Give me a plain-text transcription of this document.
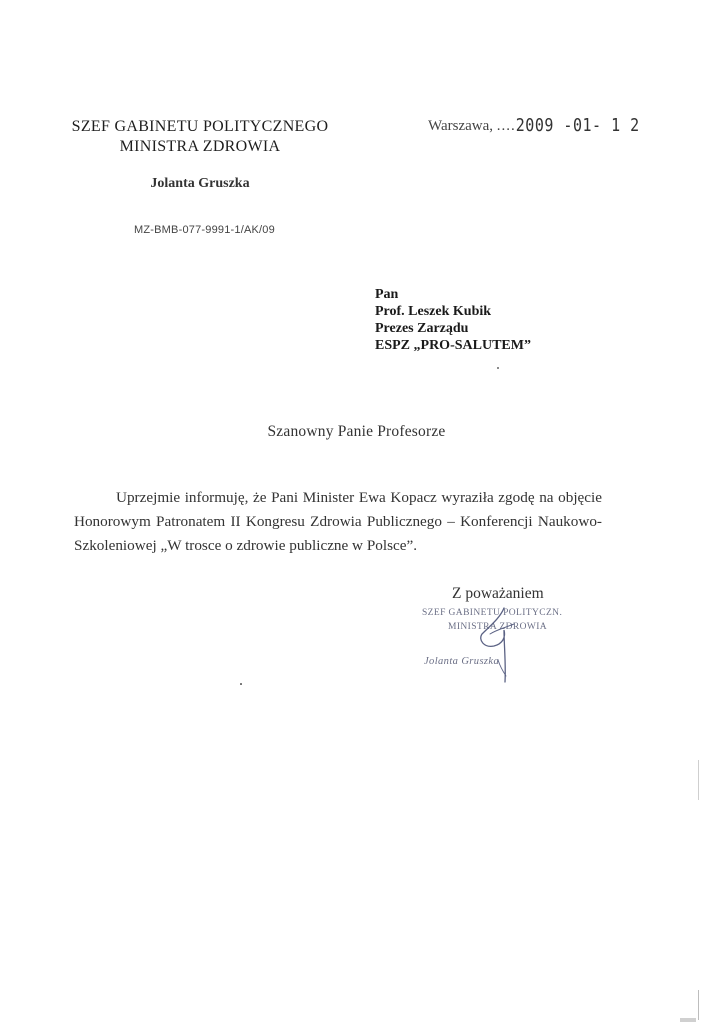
SZEF GABINETU POLITYCZNEGO
MINISTRA ZDROWIA
Jolanta Gruszka
MZ-BMB-077-9991-1/AK/09
Warszawa, ....2009 -01- 1 2
Pan
Prof. Leszek Kubik
Prezes Zarządu
ESPZ „PRO-SALUTEM”
Szanowny Panie Profesorze

Uprzejmie informuję, że Pani Minister Ewa Kopacz wyraziła zgodę na objęcie Honorowym Patronatem II Kongresu Zdrowia Publicznego – Konferencji Naukowo-Szkoleniowej „W trosce o zdrowie publiczne w Polsce”.

Z poważaniem
SZEF GABINETU POLITYCZN.
MINISTRA ZDROWIA
Jolanta Gruszka
